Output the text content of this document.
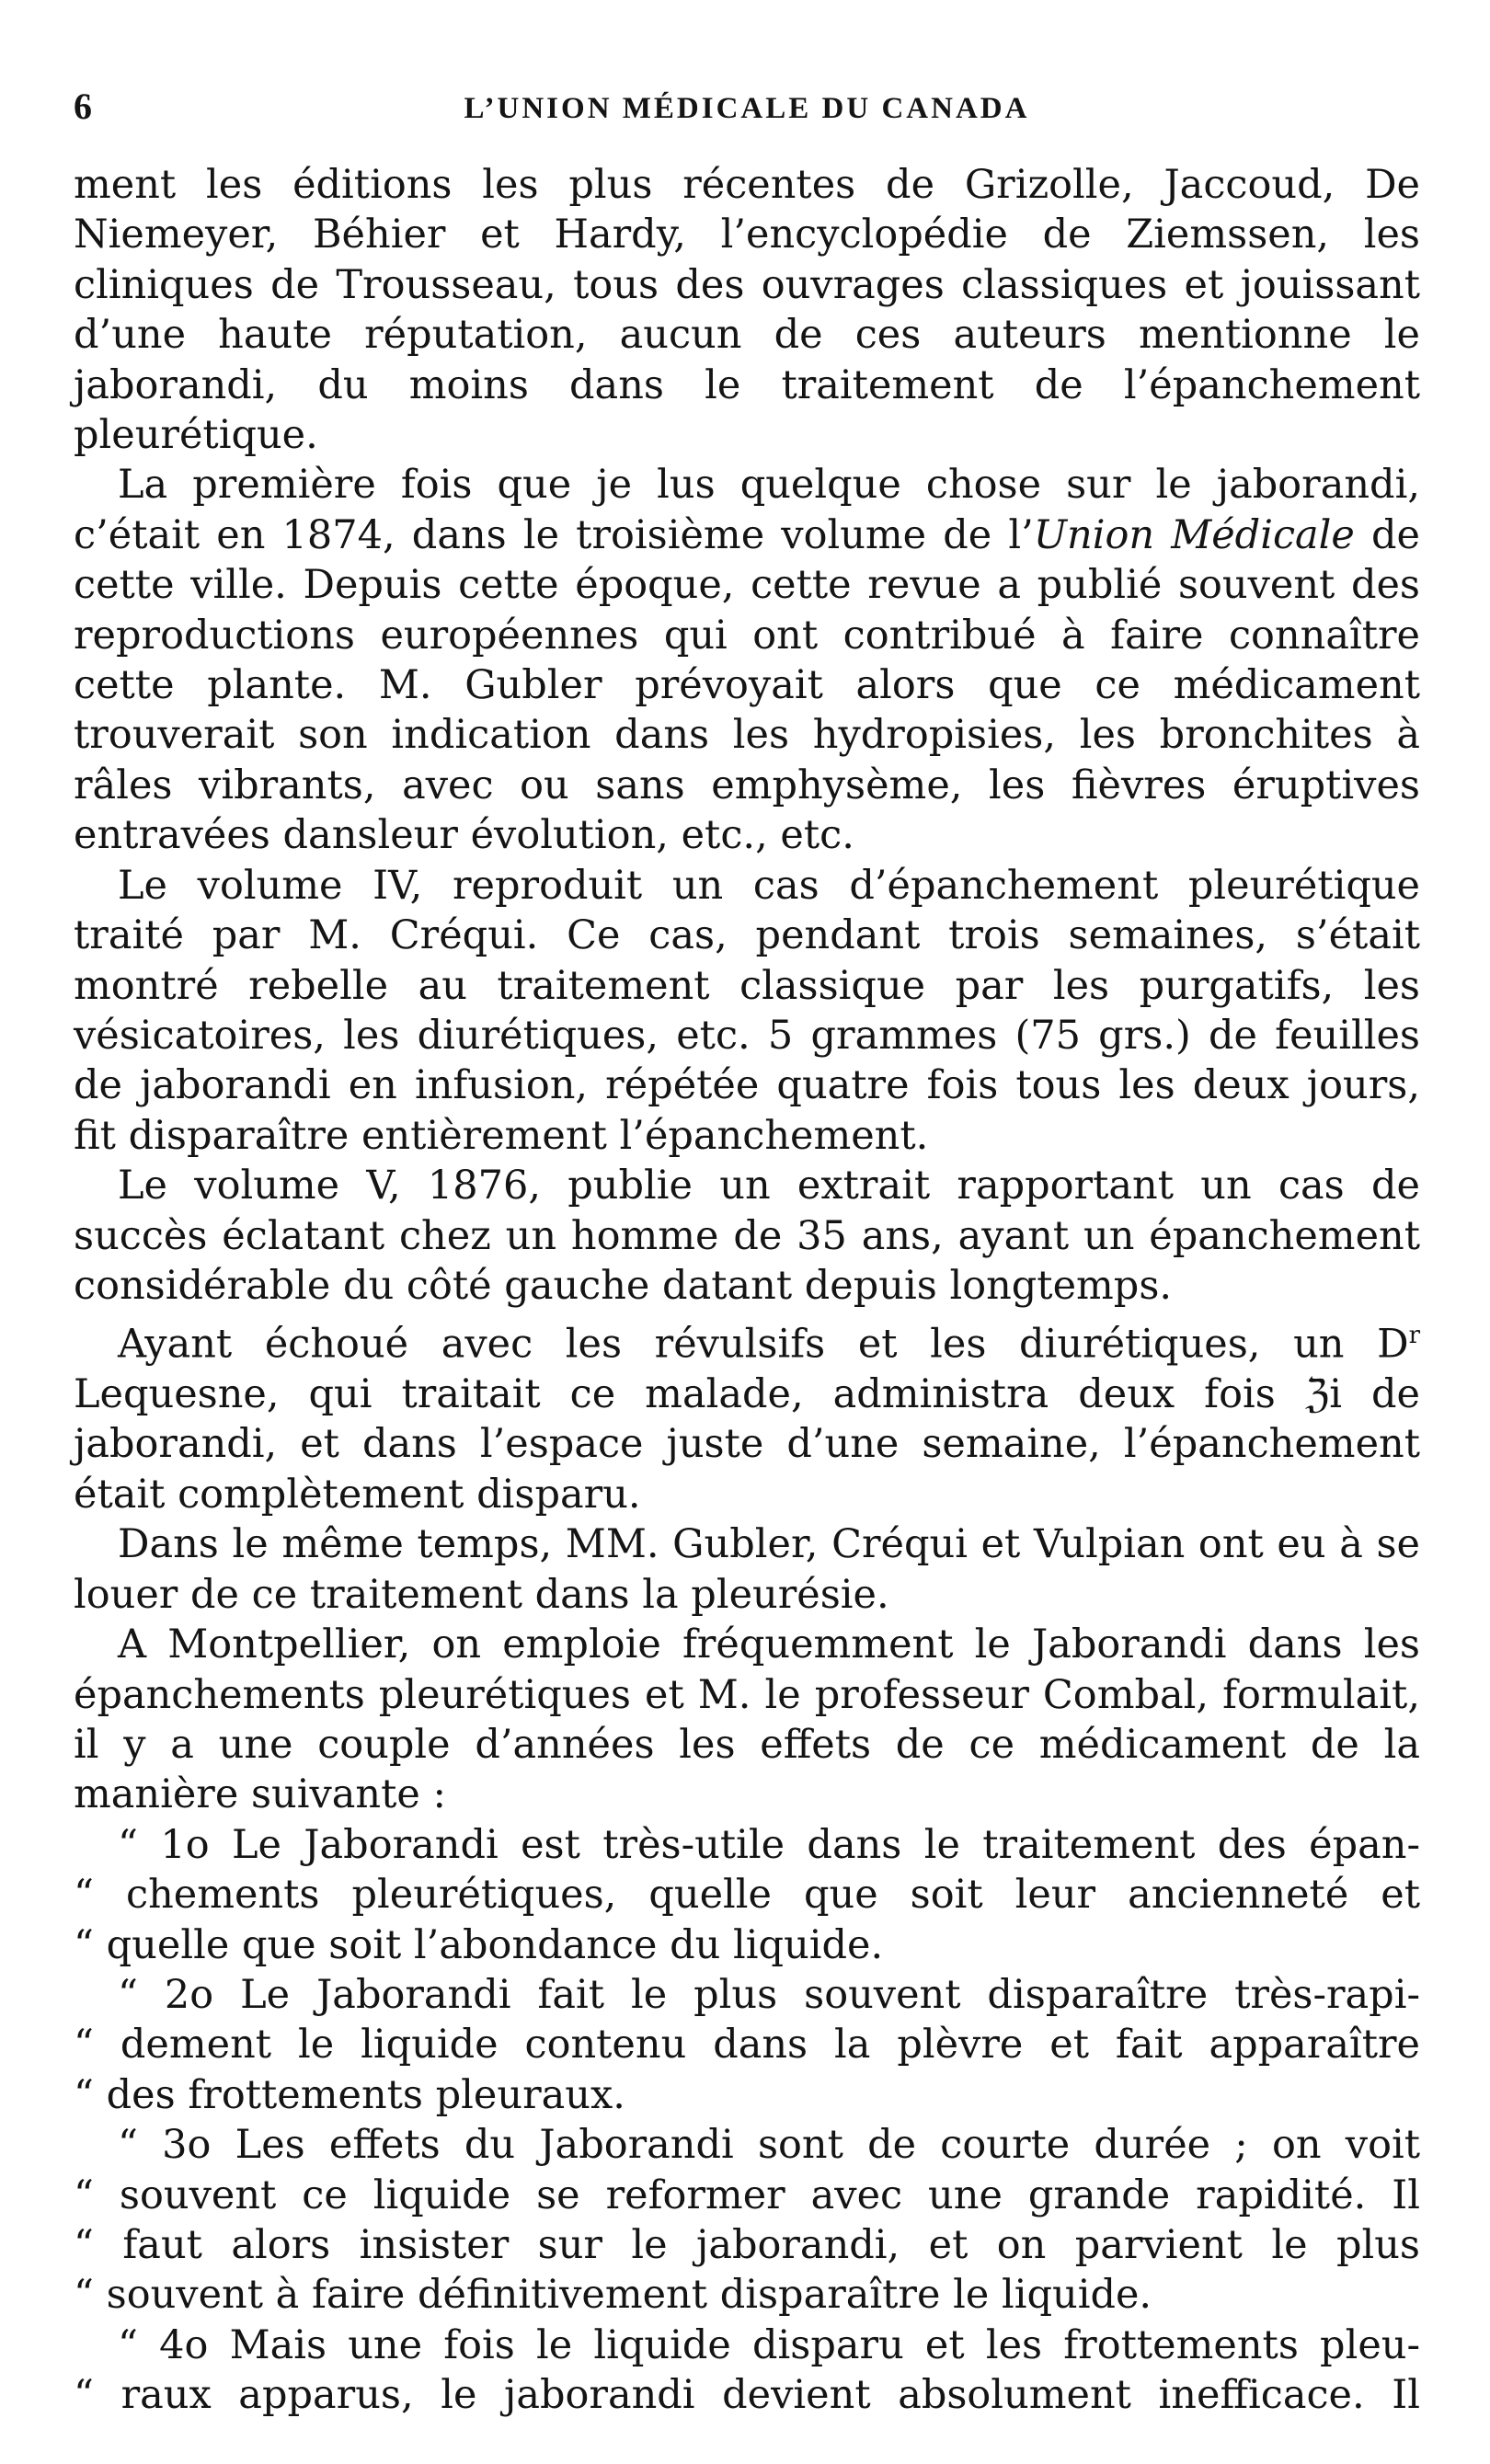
6	L’UNION MÉDICALE DU CANADA

ment les éditions les plus récentes de Grizolle, Jaccoud, De Niemeyer, Béhier et Hardy, l’encyclopédie de Ziemssen, les cliniques de Trousseau, tous des ouvrages classiques et jouissant d’une haute réputation, aucun de ces auteurs mentionne le jaborandi, du moins dans le traitement de l’épanchement pleurétique.

La première fois que je lus quelque chose sur le jaborandi, c’était en 1874, dans le troisième volume de l’Union Médicale de cette ville. Depuis cette époque, cette revue a publié souvent des reproductions européennes qui ont contribué à faire connaître cette plante. M. Gubler prévoyait alors que ce médicament trouverait son indication dans les hydropisies, les bronchites à râles vibrants, avec ou sans emphysème, les fièvres éruptives entravées dansleur évolution, etc., etc.

Le volume IV, reproduit un cas d’épanchement pleurétique traité par M. Créqui. Ce cas, pendant trois semaines, s’était montré rebelle au traitement classique par les purgatifs, les vésicatoires, les diurétiques, etc. 5 grammes (75 grs.) de feuilles de jaborandi en infusion, répétée quatre fois tous les deux jours, fit disparaître entièrement l’épanchement.

Le volume V, 1876, publie un extrait rapportant un cas de succès éclatant chez un homme de 35 ans, ayant un épanchement considérable du côté gauche datant depuis longtemps.

Ayant échoué avec les révulsifs et les diurétiques, un $D^r$ Lequesne, qui traitait ce malade, administra deux fois ℨi de jaborandi, et dans l’espace juste d’une semaine, l’épanchement était complètement disparu.

Dans le même temps, MM. Gubler, Créqui et Vulpian ont eu à se louer de ce traitement dans la pleurésie.

A Montpellier, on emploie fréquemment le Jaborandi dans les épanchements pleurétiques et M. le professeur Combal, formulait, il y a une couple d’années les effets de ce médicament de la manière suivante :

“ 1o Le Jaborandi est très-utile dans le traitement des épan-
“ chements pleurétiques, quelle que soit leur ancienneté et
“ quelle que soit l’abondance du liquide.
“ 2o Le Jaborandi fait le plus souvent disparaître très-rapi-
“ dement le liquide contenu dans la plèvre et fait apparaître
“ des frottements pleuraux.
“ 3o Les effets du Jaborandi sont de courte durée ; on voit
“ souvent ce liquide se reformer avec une grande rapidité. Il
“ faut alors insister sur le jaborandi, et on parvient le plus
“ souvent à faire définitivement disparaître le liquide.
“ 4o Mais une fois le liquide disparu et les frottements pleu-
“ raux apparus, le jaborandi devient absolument inefficace. Il
